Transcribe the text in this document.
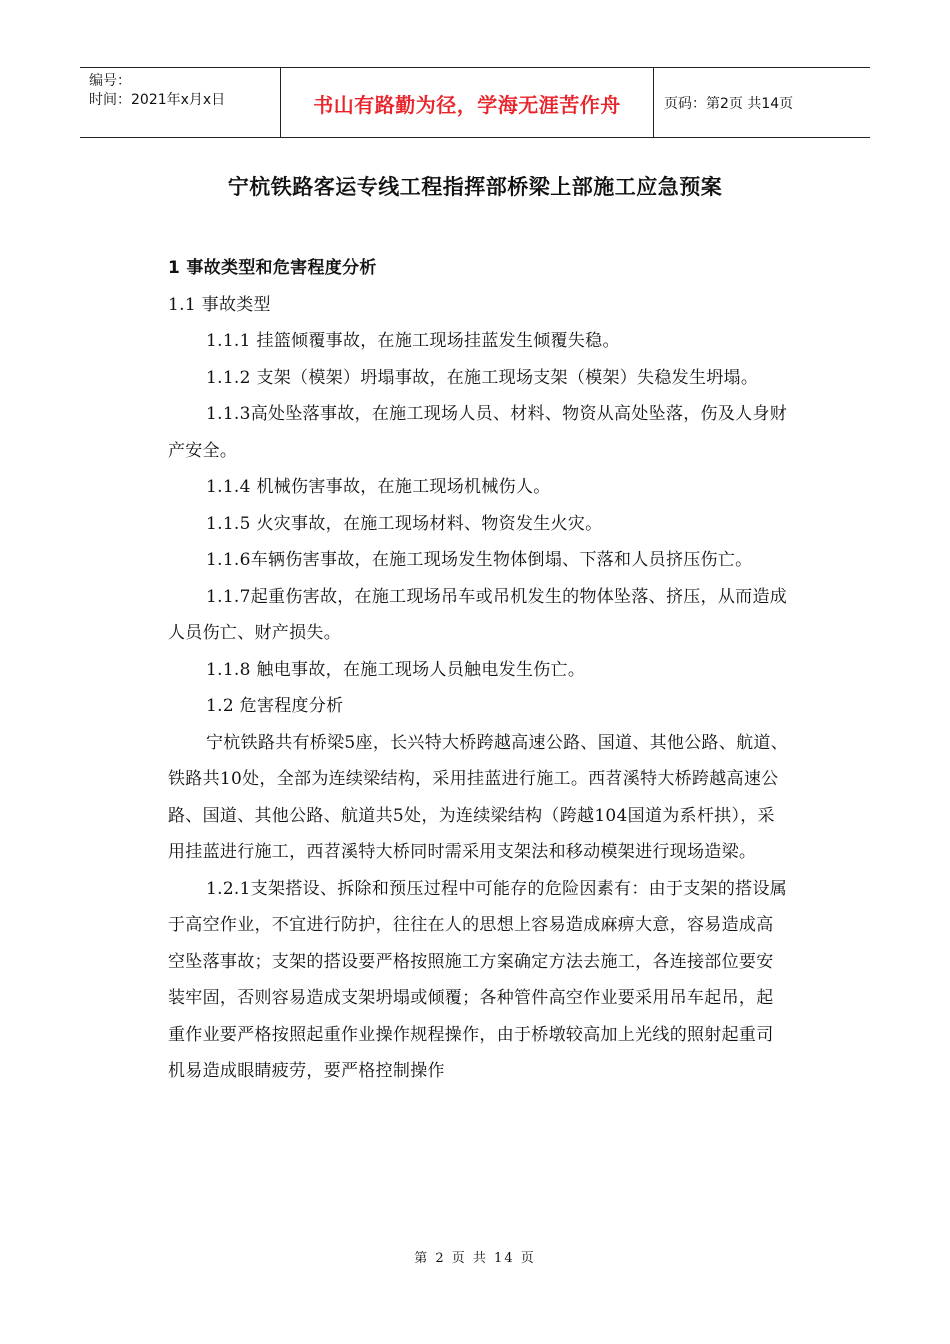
编号：
时间：2021年x月x日	书山有路勤为径，学海无涯苦作舟	页码：第2页 共14页
宁杭铁路客运专线工程指挥部桥梁上部施工应急预案

1 事故类型和危害程度分析

1.1 事故类型

1.1.1 挂篮倾覆事故，在施工现场挂蓝发生倾覆失稳。

1.1.2 支架（模架）坍塌事故，在施工现场支架（模架）失稳发生坍塌。

1.1.3高处坠落事故，在施工现场人员、材料、物资从高处坠落，伤及人身财产安全。

1.1.4 机械伤害事故，在施工现场机械伤人。

1.1.5 火灾事故，在施工现场材料、物资发生火灾。

1.1.6车辆伤害事故，在施工现场发生物体倒塌、下落和人员挤压伤亡。

1.1.7起重伤害故，在施工现场吊车或吊机发生的物体坠落、挤压，从而造成人员伤亡、财产损失。

1.1.8 触电事故，在施工现场人员触电发生伤亡。

1.2 危害程度分析

宁杭铁路共有桥梁5座，长兴特大桥跨越高速公路、国道、其他公路、航道、铁路共10处，全部为连续梁结构，采用挂蓝进行施工。西苕溪特大桥跨越高速公路、国道、其他公路、航道共5处，为连续梁结构（跨越104国道为系杆拱），采用挂蓝进行施工，西苕溪特大桥同时需采用支架法和移动模架进行现场造梁。

1.2.1支架搭设、拆除和预压过程中可能存的危险因素有：由于支架的搭设属于高空作业，不宜进行防护，往往在人的思想上容易造成麻痹大意，容易造成高空坠落事故；支架的搭设要严格按照施工方案确定方法去施工，各连接部位要安装牢固，否则容易造成支架坍塌或倾覆；各种管件高空作业要采用吊车起吊，起重作业要严格按照起重作业操作规程操作，由于桥墩较高加上光线的照射起重司机易造成眼睛疲劳，要严格控制操作

第 2 页 共 14 页
